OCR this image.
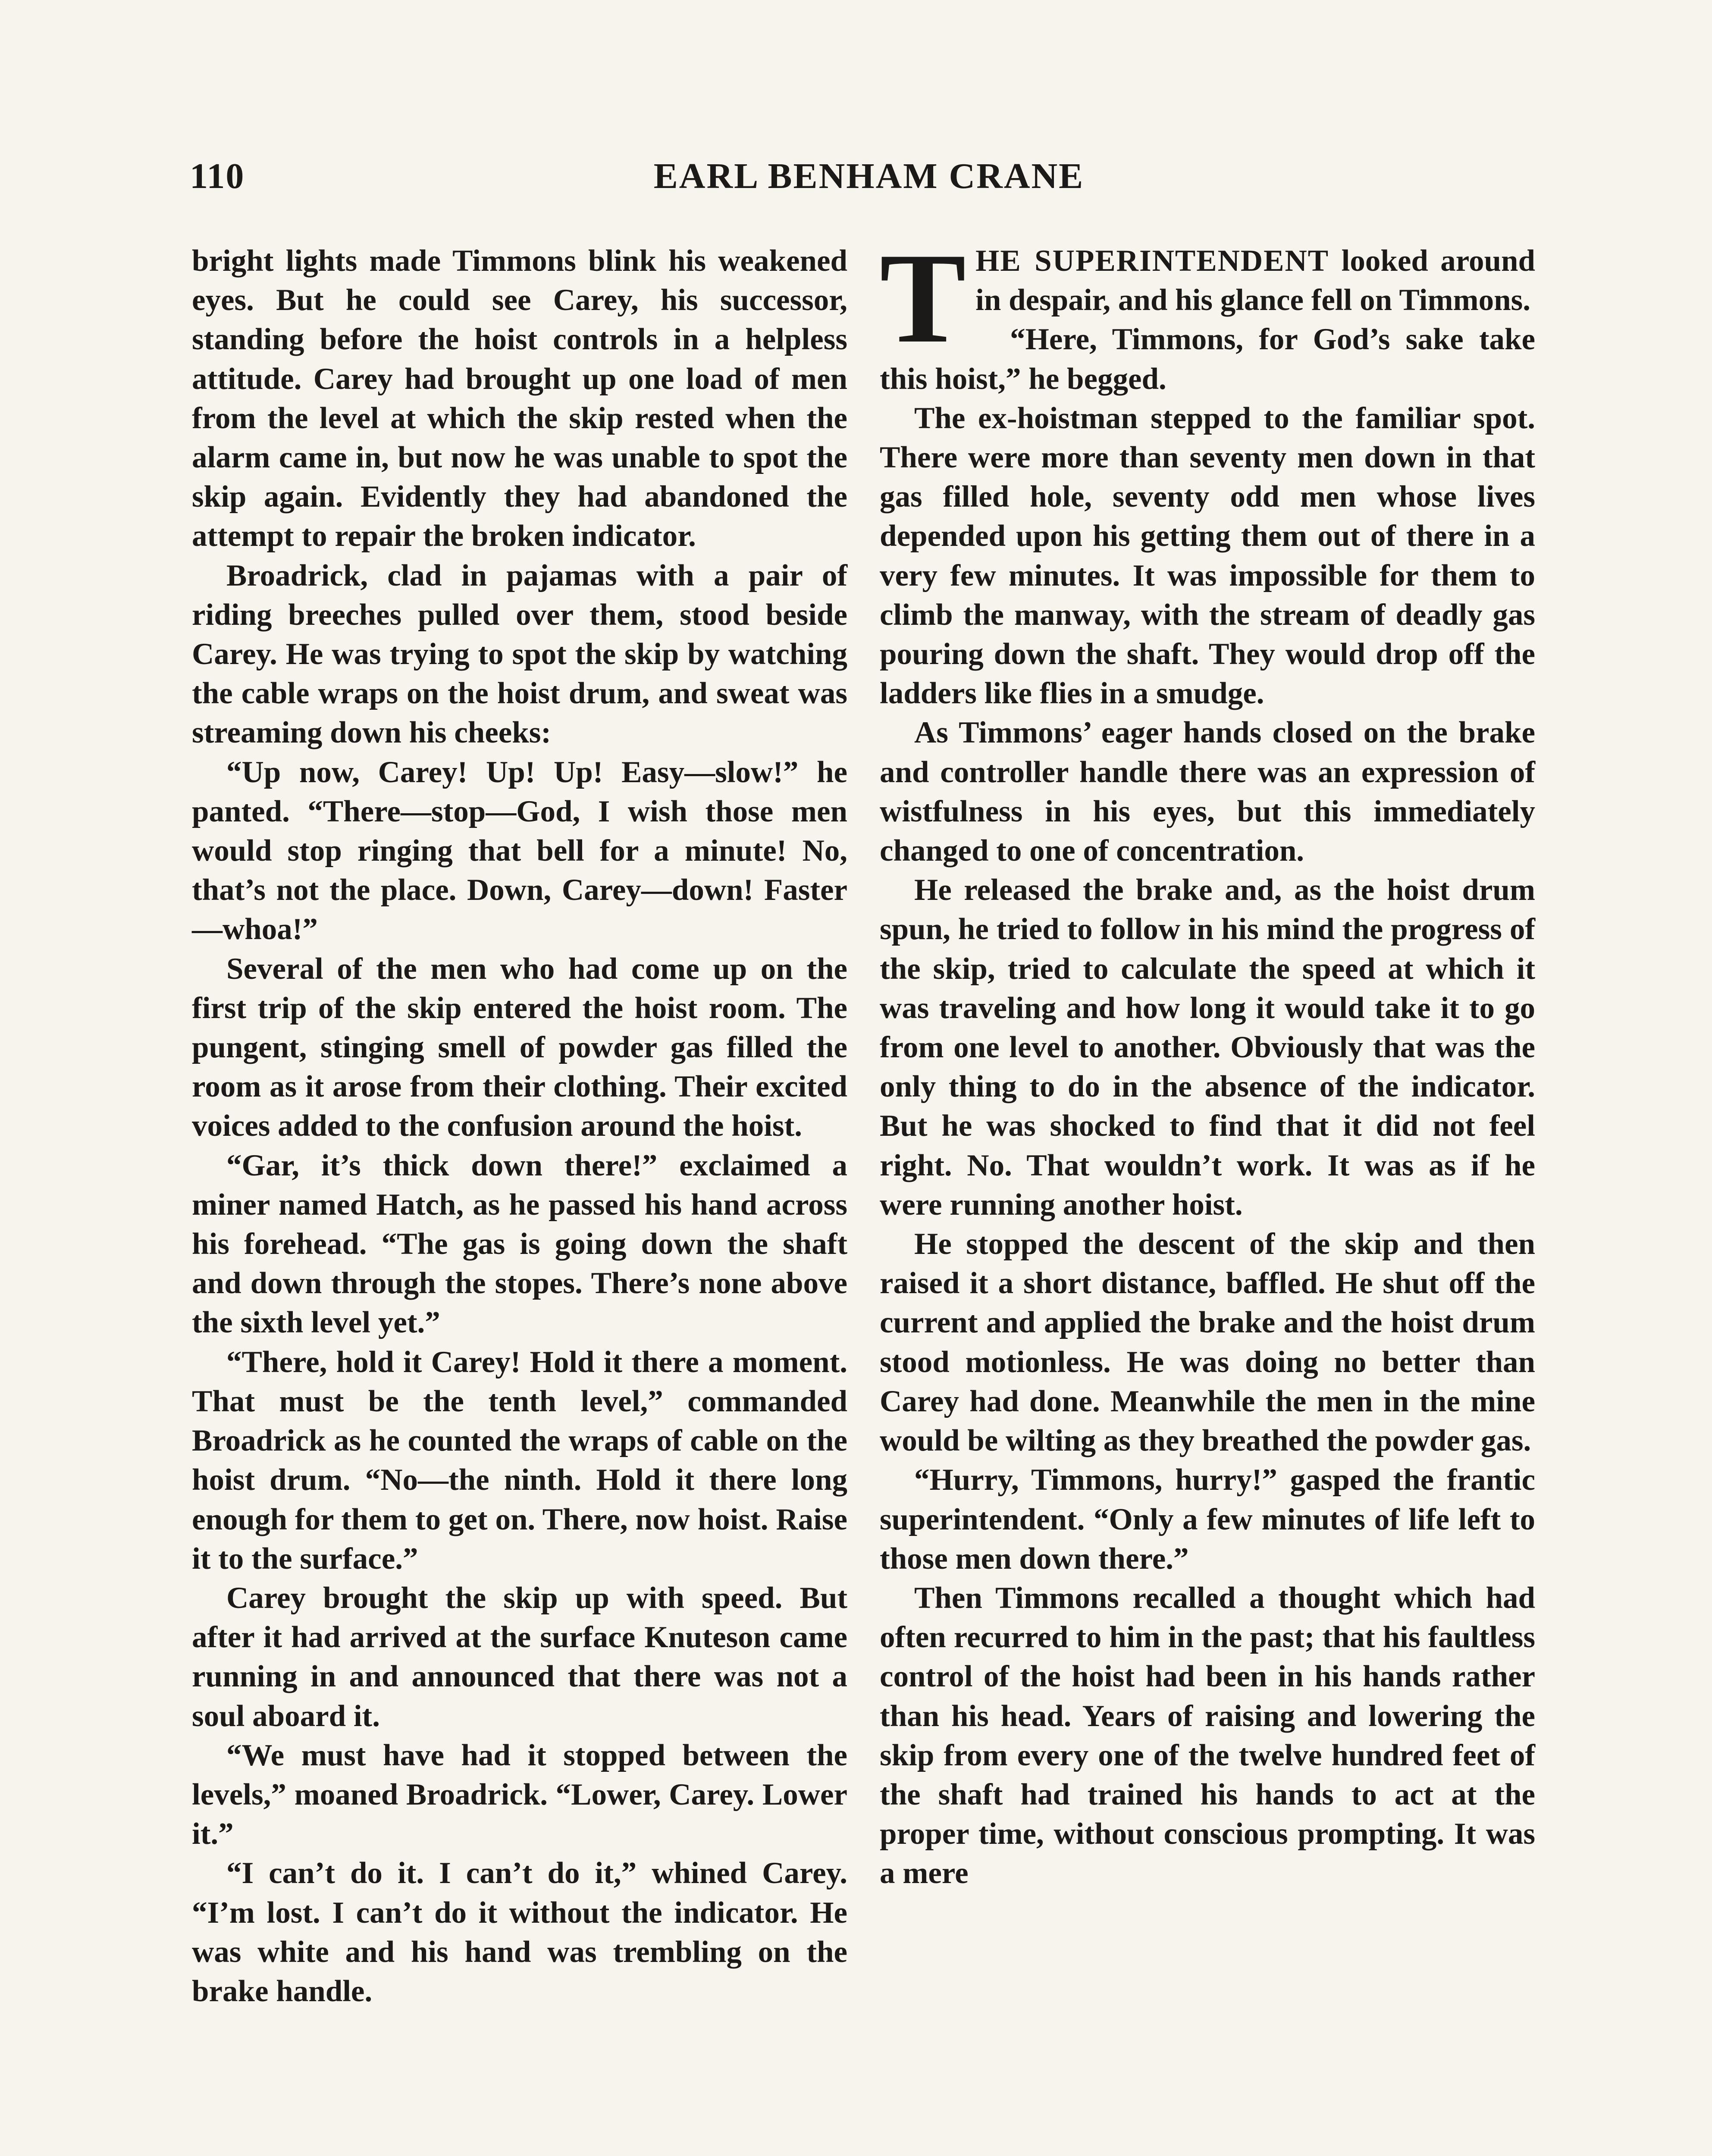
110	EARL BENHAM CRANE

bright lights made Timmons blink his weakened eyes. But he could see Carey, his successor, standing before the hoist controls in a helpless attitude. Carey had brought up one load of men from the level at which the skip rested when the alarm came in, but now he was unable to spot the skip again. Evidently they had abandoned the attempt to repair the broken indicator.

Broadrick, clad in pajamas with a pair of riding breeches pulled over them, stood beside Carey. He was trying to spot the skip by watching the cable wraps on the hoist drum, and sweat was streaming down his cheeks:

“Up now, Carey! Up! Up! Easy—slow!” he panted. “There—stop—God, I wish those men would stop ringing that bell for a minute! No, that’s not the place. Down, Carey—down! Faster—whoa!”

Several of the men who had come up on the first trip of the skip entered the hoist room. The pungent, stinging smell of powder gas filled the room as it arose from their clothing. Their excited voices added to the confusion around the hoist.

“Gar, it’s thick down there!” exclaimed a miner named Hatch, as he passed his hand across his forehead. “The gas is going down the shaft and down through the stopes. There’s none above the sixth level yet.”

“There, hold it Carey! Hold it there a moment. That must be the tenth level,” commanded Broadrick as he counted the wraps of cable on the hoist drum. “No—the ninth. Hold it there long enough for them to get on. There, now hoist. Raise it to the surface.”

Carey brought the skip up with speed. But after it had arrived at the surface Knuteson came running in and announced that there was not a soul aboard it.

“We must have had it stopped between the levels,” moaned Broadrick. “Lower, Carey. Lower it.”

“I can’t do it. I can’t do it,” whined Carey. “I’m lost. I can’t do it without the indicator. He was white and his hand was trembling on the brake handle.

THE SUPERINTENDENT looked around in despair, and his glance fell on Timmons.

“Here, Timmons, for God’s sake take this hoist,” he begged.

The ex-hoistman stepped to the familiar spot. There were more than seventy men down in that gas filled hole, seventy odd men whose lives depended upon his getting them out of there in a very few minutes. It was impossible for them to climb the manway, with the stream of deadly gas pouring down the shaft. They would drop off the ladders like flies in a smudge.

As Timmons’ eager hands closed on the brake and controller handle there was an expression of wistfulness in his eyes, but this immediately changed to one of concentration.

He released the brake and, as the hoist drum spun, he tried to follow in his mind the progress of the skip, tried to calculate the speed at which it was traveling and how long it would take it to go from one level to another. Obviously that was the only thing to do in the absence of the indicator. But he was shocked to find that it did not feel right. No. That wouldn’t work. It was as if he were running another hoist.

He stopped the descent of the skip and then raised it a short distance, baffled. He shut off the current and applied the brake and the hoist drum stood motionless. He was doing no better than Carey had done. Meanwhile the men in the mine would be wilting as they breathed the powder gas.

“Hurry, Timmons, hurry!” gasped the frantic superintendent. “Only a few minutes of life left to those men down there.”

Then Timmons recalled a thought which had often recurred to him in the past; that his faultless control of the hoist had been in his hands rather than his head. Years of raising and lowering the skip from every one of the twelve hundred feet of the shaft had trained his hands to act at the proper time, without conscious prompting. It was a mere
